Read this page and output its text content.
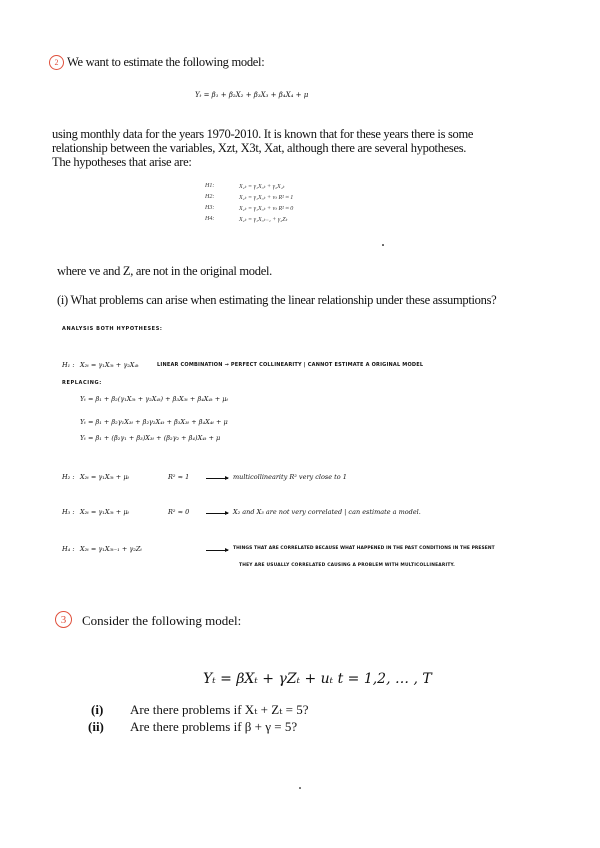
2 We want to estimate the following model:
Yₜ = β₁ + β₂X₂ + β₃X₃ + β₄X₄ + μ
using monthly data for the years 1970-2010. It is known that for these years there is some
relationship between the variables, Xzt, X3t, Xat, although there are several hypotheses.
The hypotheses that arise are:
H1:	X₂ₜ = γ₁X₃ₜ + γ₂X₄ₜ
H2:	X₂ₜ = γ₁X₃ₜ + vₜ R² ≈ 1
H3:	X₂ₜ = γ₁X₃ₜ + vₜ R² ≈ 0
H4:	X₂ₜ = γ₁X₃ₜ₋₁ + γ₂Zₜ
where ve and Z, are not in the original model.
(i) What problems can arise when estimating the linear relationship under these assumptions?
ANALYSIS BOTH HYPOTHESES:
H₁ : X₂ₜ = γ₁X₃ₜ + γ₂X₄ₜ	LINEAR COMBINATION → PERFECT COLLINEARITY | CANNOT ESTIMATE A ORIGINAL MODEL
REPLACING:
Yₜ = β₁ + β₂(γ₁X₃ₜ + γ₂X₄ₜ) + β₃X₃ₜ + β₄X₄ₜ + μₜ
Yₜ = β₁ + β₂γ₁X₃ₜ + β₂γ₂X₄ₜ + β₃X₃ₜ + β₄X₄ₜ + μ
Yₜ = β₁ + (β₂γ₁ + β₃)X₃ₜ + (β₂γ₂ + β₄)X₄ₜ + μ
H₂ : X₂ₜ = γ₁X₃ₜ + μₜ	R² ≈ 1	multicollinearity R² very close to 1
H₃ : X₂ₜ = γ₁X₃ₜ + μₜ	R² ≈ 0	X₂ and X₃ are not very correlated | can estimate a model.
H₄ : X₂ₜ = γ₁X₃ₜ₋₁ + γ₂Zₜ	THINGS THAT ARE CORRELATED BECAUSE WHAT HAPPENED IN THE PAST CONDITIONS IN THE PRESENT
THEY ARE USUALLY CORRELATED CAUSING A PROBLEM WITH MULTICOLLINEARITY.
3	Consider the following model:
Yₜ = βXₜ + γZₜ + uₜ t = 1,2, … , T
(i) Are there problems if Xₜ + Zₜ = 5?
(ii) Are there problems if β + γ = 5?
